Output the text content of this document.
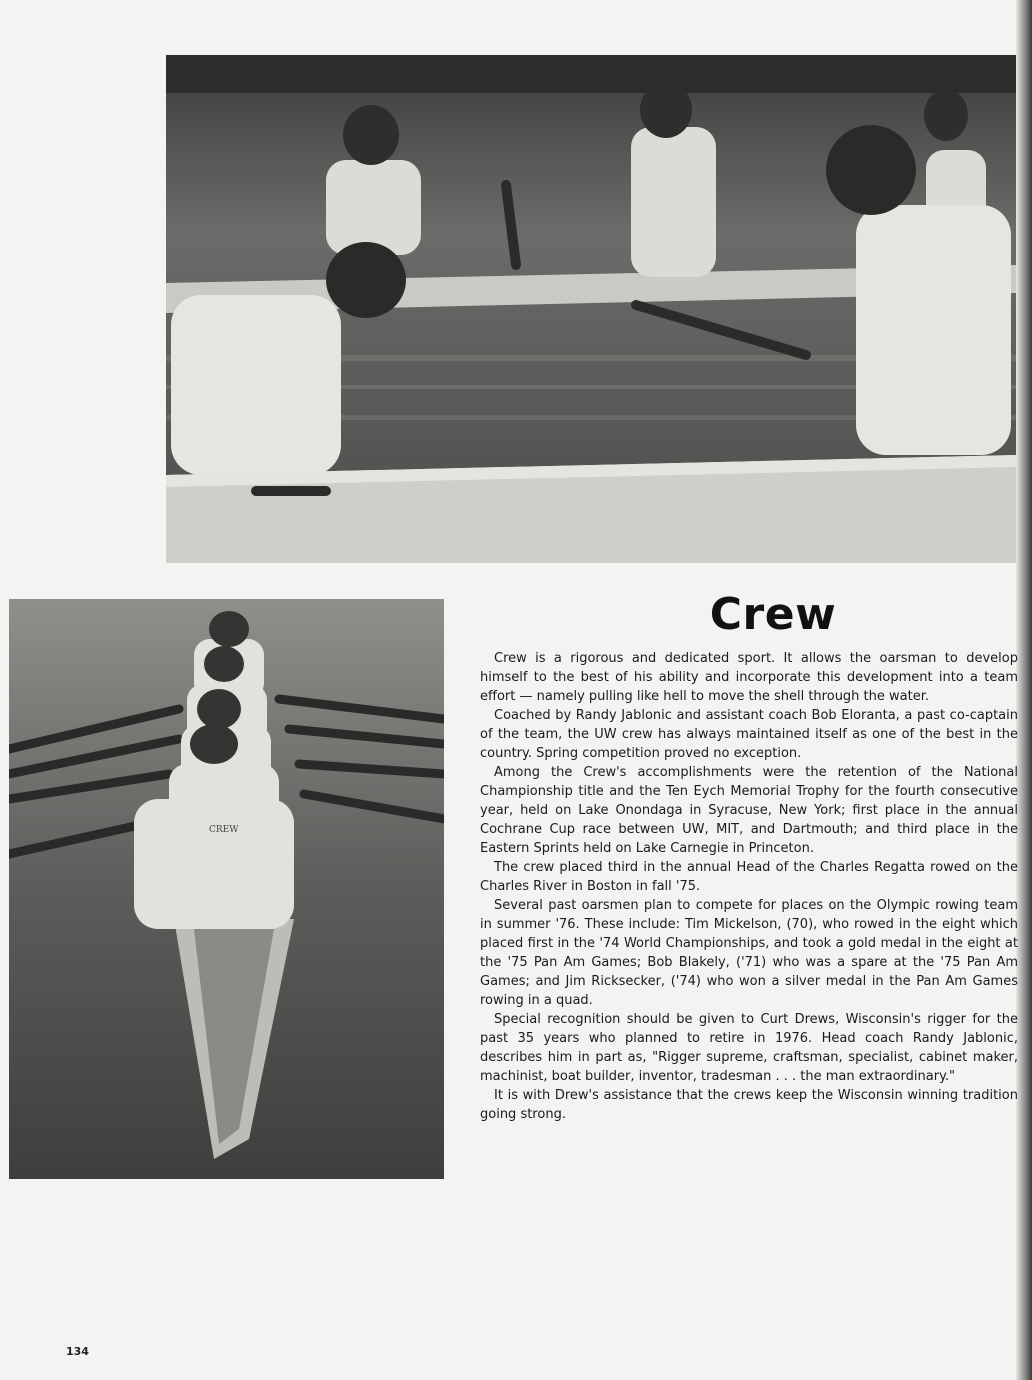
CREW
Crew

Crew is a rigorous and dedicated sport. It allows the oarsman to develop himself to the best of his ability and incorporate this development into a team effort — namely pulling like hell to move the shell through the water.

Coached by Randy Jablonic and assistant coach Bob Eloranta, a past co-captain of the team, the UW crew has always maintained itself as one of the best in the country. Spring competition proved no exception.

Among the Crew's accomplishments were the retention of the National Championship title and the Ten Eych Memorial Trophy for the fourth consecutive year, held on Lake Onondaga in Syracuse, New York; first place in the annual Cochrane Cup race between UW, MIT, and Dartmouth; and third place in the Eastern Sprints held on Lake Carnegie in Princeton.

The crew placed third in the annual Head of the Charles Regatta rowed on the Charles River in Boston in fall '75.

Several past oarsmen plan to compete for places on the Olympic rowing team in summer '76. These include: Tim Mickelson, (70), who rowed in the eight which placed first in the '74 World Championships, and took a gold medal in the eight at the '75 Pan Am Games; Bob Blakely, ('71) who was a spare at the '75 Pan Am Games; and Jim Ricksecker, ('74) who won a silver medal in the Pan Am Games rowing in a quad.

Special recognition should be given to Curt Drews, Wisconsin's rigger for the past 35 years who planned to retire in 1976. Head coach Randy Jablonic, describes him in part as, "Rigger supreme, craftsman, specialist, cabinet maker, machinist, boat builder, inventor, tradesman . . . the man extraordinary."

It is with Drew's assistance that the crews keep the Wisconsin winning tradition going strong.

134
